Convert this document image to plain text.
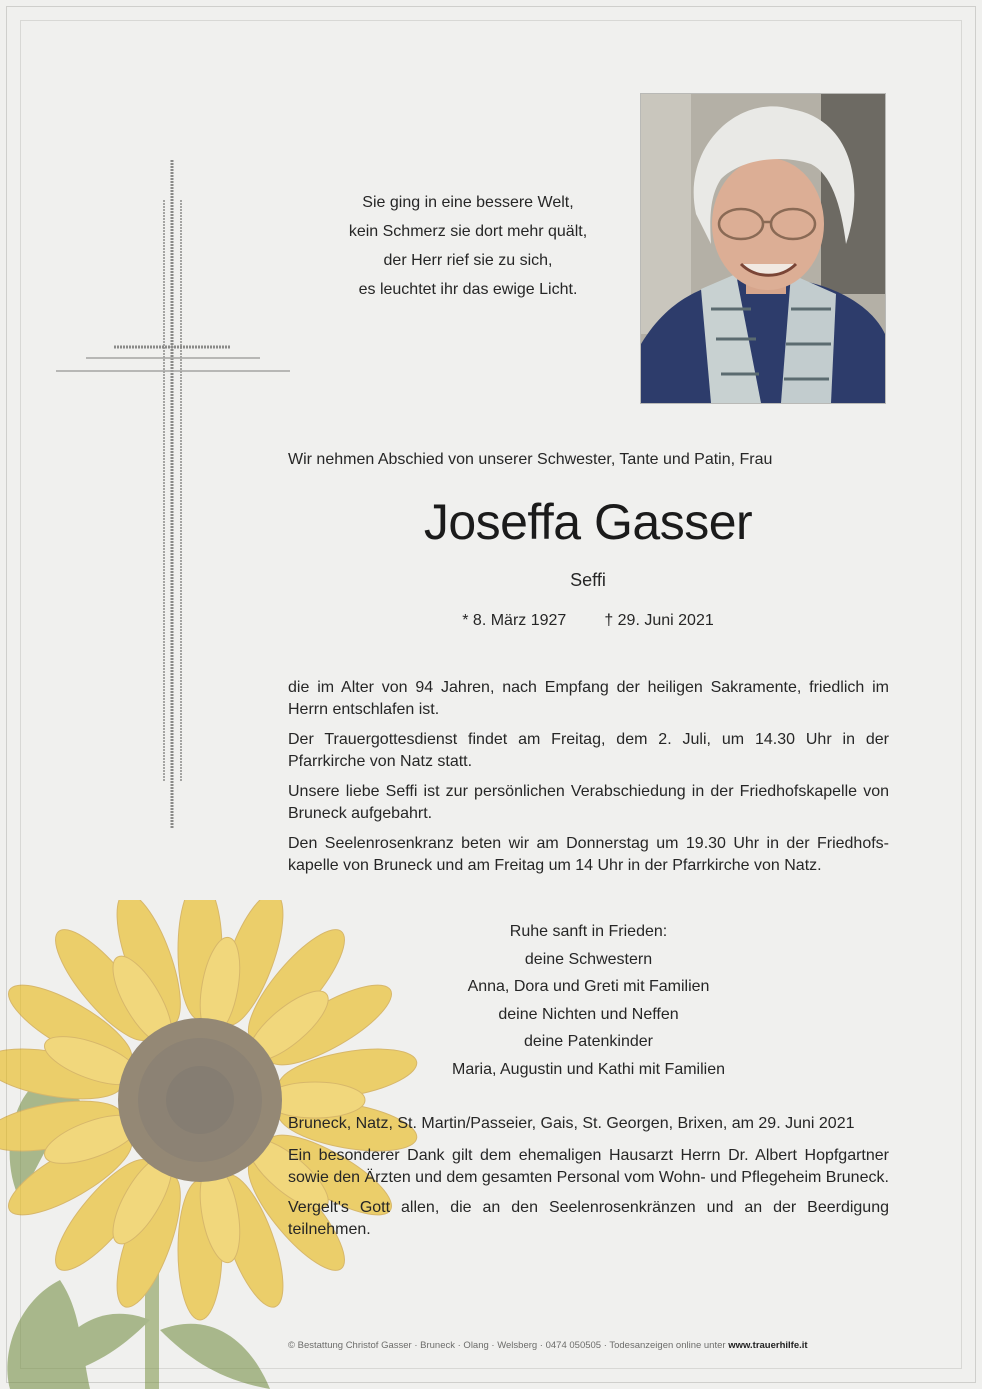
Sie ging in eine bessere Welt,
kein Schmerz sie dort mehr quält,
der Herr rief sie zu sich,
es leuchtet ihr das ewige Licht.
Wir nehmen Abschied von unserer Schwester, Tante und Patin, Frau
Joseffa Gasser
Seffi
* 8. März 1927 † 29. Juni 2021

die im Alter von 94 Jahren, nach Empfang der heiligen Sakramente, friedlich im Herrn entschlafen ist.

Der Trauergottesdienst findet am Freitag, dem 2. Juli, um 14.30 Uhr in der Pfarrkirche von Natz statt.

Unsere liebe Seffi ist zur persönlichen Verabschiedung in der Friedhofskapelle von Bruneck aufgebahrt.

Den Seelenrosenkranz beten wir am Donnerstag um 19.30 Uhr in der Friedhofskapelle von Bruneck und am Freitag um 14 Uhr in der Pfarrkirche von Natz.

Ruhe sanft in Frieden:
deine Schwestern
Anna, Dora und Greti mit Familien
deine Nichten und Neffen
deine Patenkinder
Maria, Augustin und Kathi mit Familien

Bruneck, Natz, St. Martin/Passeier, Gais, St. Georgen, Brixen, am 29. Juni 2021

Ein besonderer Dank gilt dem ehemaligen Hausarzt Herrn Dr. Albert Hopfgartner sowie den Ärzten und dem gesamten Personal vom Wohn- und Pflegeheim Bruneck.

Vergelt's Gott allen, die an den Seelenrosenkränzen und an der Beerdigung teilnehmen.

© Bestattung Christof Gasser · Bruneck · Olang · Welsberg · 0474 050505 · Todesanzeigen online unter www.trauerhilfe.it
